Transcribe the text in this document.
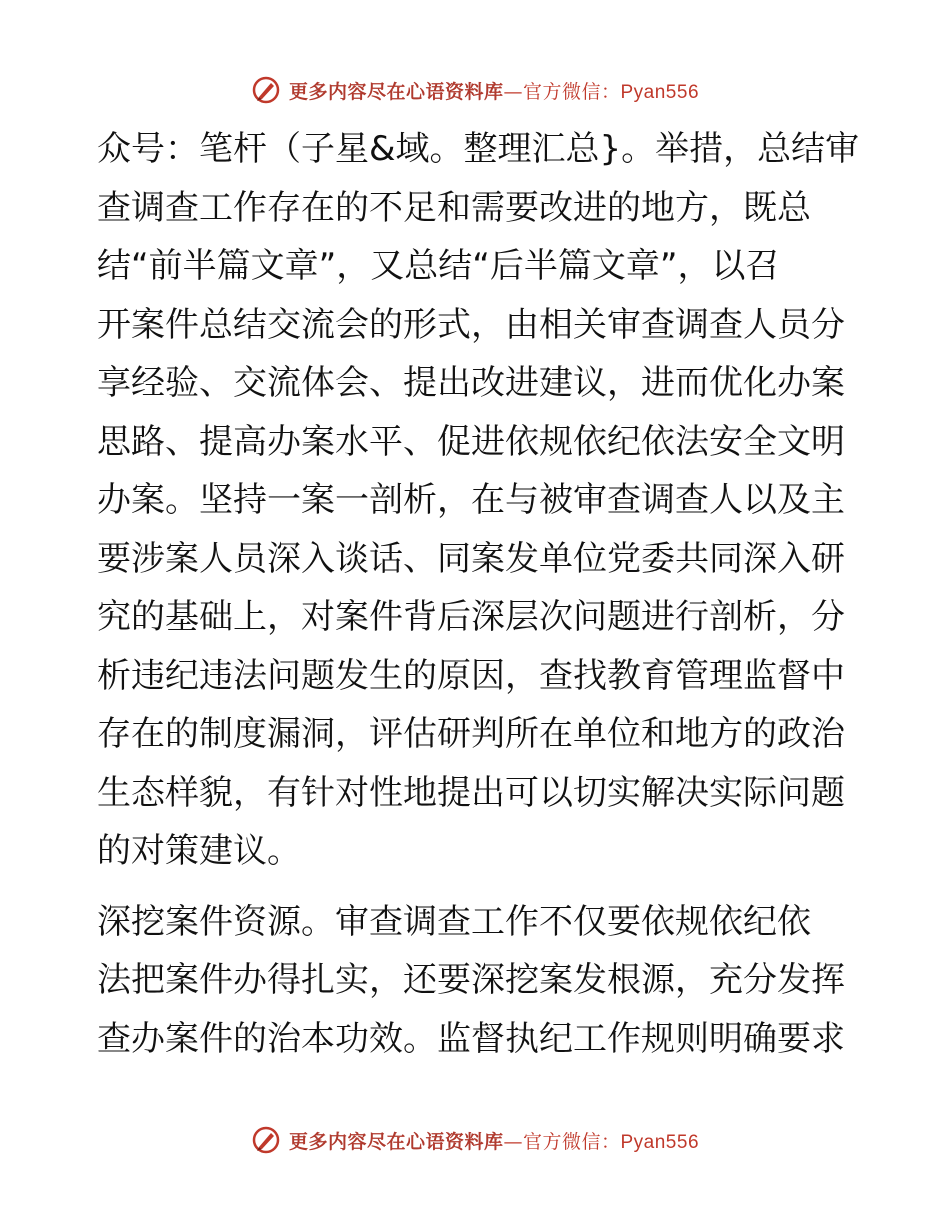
更多内容尽在心语资料库—官方微信：Pyan556
众号：笔杆（子星&域。整理汇总}。举措，总结审
查调查工作存在的不足和需要改进的地方，既总
结“前半篇文章”，又总结“后半篇文章”，以召
开案件总结交流会的形式，由相关审查调查人员分
享经验、交流体会、提出改进建议，进而优化办案
思路、提高办案水平、促进依规依纪依法安全文明
办案。坚持一案一剖析，在与被审查调查人以及主
要涉案人员深入谈话、同案发单位党委共同深入研
究的基础上，对案件背后深层次问题进行剖析，分
析违纪违法问题发生的原因，查找教育管理监督中
存在的制度漏洞，评估研判所在单位和地方的政治
生态样貌，有针对性地提出可以切实解决实际问题
的对策建议。
深挖案件资源。审查调查工作不仅要依规依纪依
法把案件办得扎实，还要深挖案发根源，充分发挥
查办案件的治本功效。监督执纪工作规则明确要求
更多内容尽在心语资料库—官方微信：Pyan556
